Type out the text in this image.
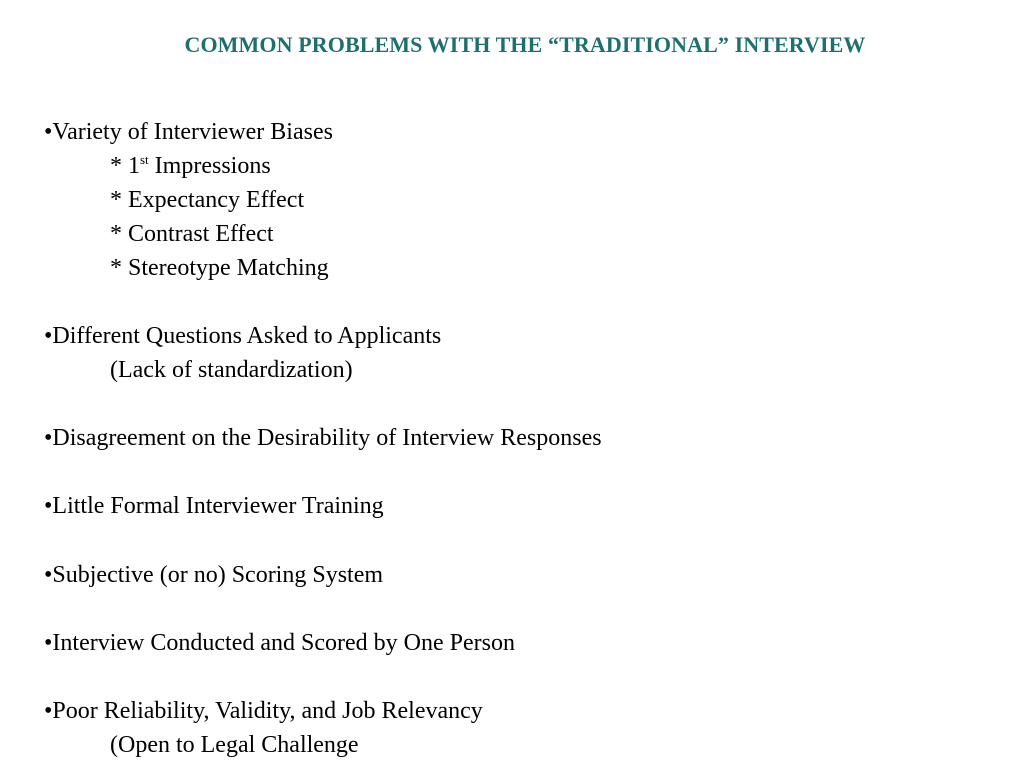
COMMON PROBLEMS WITH THE “TRADITIONAL” INTERVIEW
•Variety of Interviewer Biases
* 1st Impressions
* Expectancy Effect
* Contrast Effect
* Stereotype Matching
•Different Questions Asked to Applicants
(Lack of standardization)
•Disagreement on the Desirability of Interview Responses
•Little Formal Interviewer Training
•Subjective (or no) Scoring System
•Interview Conducted and Scored by One Person
•Poor Reliability, Validity, and Job Relevancy
(Open to Legal Challenge
